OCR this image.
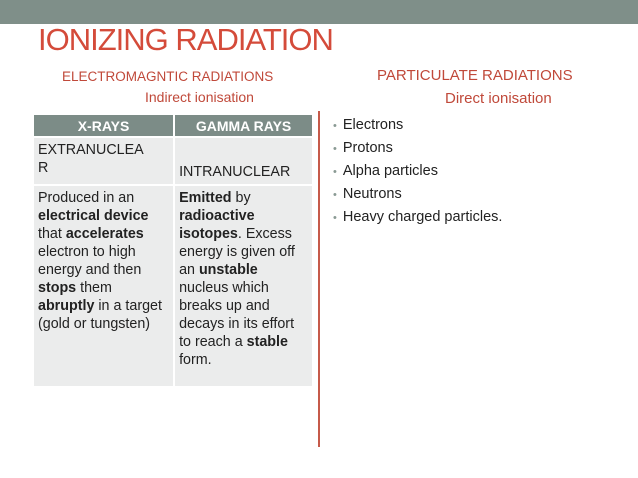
IONIZING RADIATION
ELECTROMAGNTIC RADIATIONS
Indirect ionisation
PARTICULATE RADIATIONS
Direct ionisation
X-RAYS	GAMMA RAYS
EXTRANUCLEA
R	INTRANUCLEAR
Produced in an electrical device that accelerates electron to high energy and then stops them abruptly in a target (gold or tungsten)	Emitted by radioactive isotopes. Excess energy is given off an unstable nucleus which breaks up and decays in its effort to reach a stable form.
• Electrons
• Protons
• Alpha particles
• Neutrons
• Heavy charged particles.
